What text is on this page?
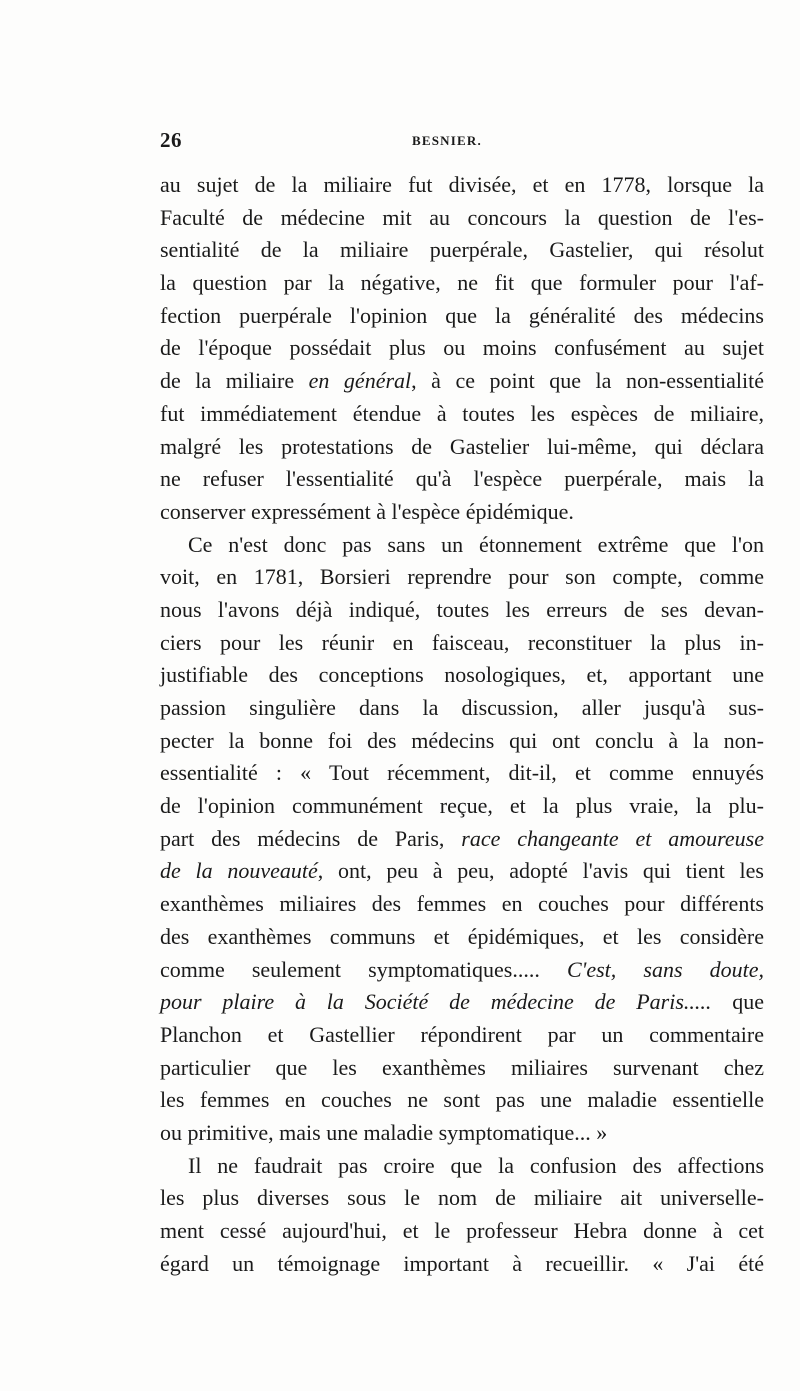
26	BESNIER.
au sujet de la miliaire fut divisée, et en 1778, lorsque la
Faculté de médecine mit au concours la question de l'es-
sentialité de la miliaire puerpérale, Gastelier, qui résolut
la question par la négative, ne fit que formuler pour l'af-
fection puerpérale l'opinion que la généralité des médecins
de l'époque possédait plus ou moins confusément au sujet
de la miliaire en général, à ce point que la non-essentialité
fut immédiatement étendue à toutes les espèces de miliaire,
malgré les protestations de Gastelier lui-même, qui déclara
ne refuser l'essentialité qu'à l'espèce puerpérale, mais la
conserver expressément à l'espèce épidémique.
Ce n'est donc pas sans un étonnement extrême que l'on
voit, en 1781, Borsieri reprendre pour son compte, comme
nous l'avons déjà indiqué, toutes les erreurs de ses devan-
ciers pour les réunir en faisceau, reconstituer la plus in-
justifiable des conceptions nosologiques, et, apportant une
passion singulière dans la discussion, aller jusqu'à sus-
pecter la bonne foi des médecins qui ont conclu à la non-
essentialité : « Tout récemment, dit-il, et comme ennuyés
de l'opinion communément reçue, et la plus vraie, la plu-
part des médecins de Paris, race changeante et amoureuse
de la nouveauté, ont, peu à peu, adopté l'avis qui tient les
exanthèmes miliaires des femmes en couches pour différents
des exanthèmes communs et épidémiques, et les considère
comme seulement symptomatiques..... C'est, sans doute,
pour plaire à la Société de médecine de Paris..... que
Planchon et Gastellier répondirent par un commentaire
particulier que les exanthèmes miliaires survenant chez
les femmes en couches ne sont pas une maladie essentielle
ou primitive, mais une maladie symptomatique... »
Il ne faudrait pas croire que la confusion des affections
les plus diverses sous le nom de miliaire ait universelle-
ment cessé aujourd'hui, et le professeur Hebra donne à cet
égard un témoignage important à recueillir. « J'ai été
